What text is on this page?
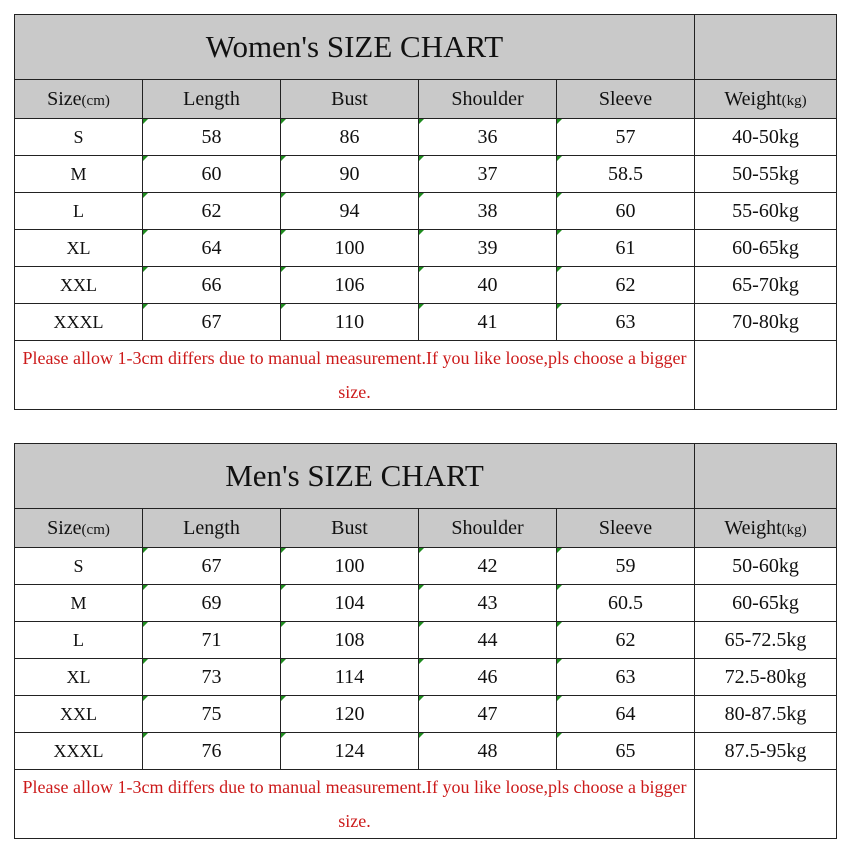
Women's SIZE CHART					
Size(cm)	Length	Bust	Shoulder	Sleeve	Weight(kg)
S	58	86	36	57	40-50kg
M	60	90	37	58.5	50-55kg
L	62	94	38	60	55-60kg
XL	64	100	39	61	60-65kg
XXL	66	106	40	62	65-70kg
XXXL	67	110	41	63	70-80kg

Please allow 1-3cm differs due to manual measurement.If you like loose,pls choose a bigger size.					

Men's SIZE CHART					
Size(cm)	Length	Bust	Shoulder	Sleeve	Weight(kg)
S	67	100	42	59	50-60kg
M	69	104	43	60.5	60-65kg
L	71	108	44	62	65-72.5kg
XL	73	114	46	63	72.5-80kg
XXL	75	120	47	64	80-87.5kg
XXXL	76	124	48	65	87.5-95kg

Please allow 1-3cm differs due to manual measurement.If you like loose,pls choose a bigger size.					
